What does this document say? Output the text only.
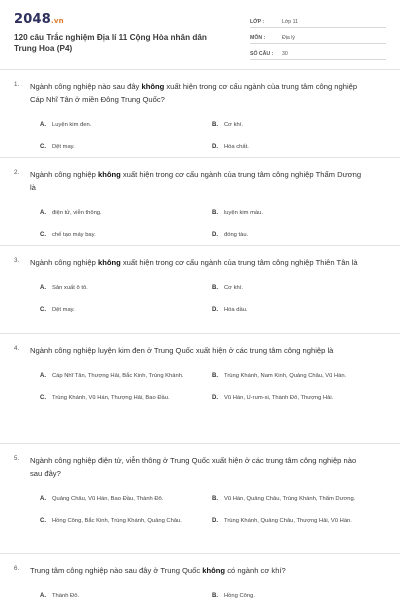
2048.vn
120 câu Trắc nghiệm Địa lí 11 Cộng Hòa nhân dân Trung Hoa (P4)
LỚP :	Lớp 11
MÔN :	Địa lý
SỐ CÂU :	30
1.	Ngành công nghiệp nào sau đây không xuất hiện trong cơ cấu ngành của trung tâm công nghiệp Cáp Nhĩ Tân ở miền Đông Trung Quốc?
A.	Luyện kim đen.	B.	Cơ khí.
C.	Dệt may.	D.	Hóa chất.
2.	Ngành công nghiệp không xuất hiện trong cơ cấu ngành của trung tâm công nghiệp Thẩm Dương là
A.	điện tử, viễn thông.	B.	luyện kim màu.
C.	chế tạo máy bay.	D.	đóng tàu.
3.	Ngành công nghiệp không xuất hiện trong cơ cấu ngành của trung tâm công nghiệp Thiên Tân là
A.	Sản xuất ô tô.	B.	Cơ khí.
C.	Dệt may.	D.	Hóa dầu.
4.	Ngành công nghiệp luyện kim đen ở Trung Quốc xuất hiện ở các trung tâm công nghiệp là
A.	Cáp Nhĩ Tân, Thượng Hải, Bắc Kinh, Trùng Khánh.	B.	Trùng Khánh, Nam Kinh, Quảng Châu, Vũ Hán.
C.	Trùng Khánh, Vũ Hán, Thượng Hải, Bao Đầu.	D.	Vũ Hán, U-rum-si, Thành Đô, Thượng Hải.
5.	Ngành công nghiệp điện tử, viễn thông ở Trung Quốc xuất hiện ở các trung tâm công nghiệp nào sau đây?
A.	Quảng Châu, Vũ Hán, Bao Đầu, Thành Đô.	B.	Vũ Hán, Quảng Châu, Trùng Khánh, Thẩm Dương.
C.	Hồng Công, Bắc Kinh, Trùng Khánh, Quảng Châu.	D.	Trùng Khánh, Quảng Châu, Thượng Hải, Vũ Hán.
6.	Trung tâm công nghiệp nào sau đây ở Trung Quốc không có ngành cơ khí?
A.	Thành Đô.	B.	Hồng Công.
